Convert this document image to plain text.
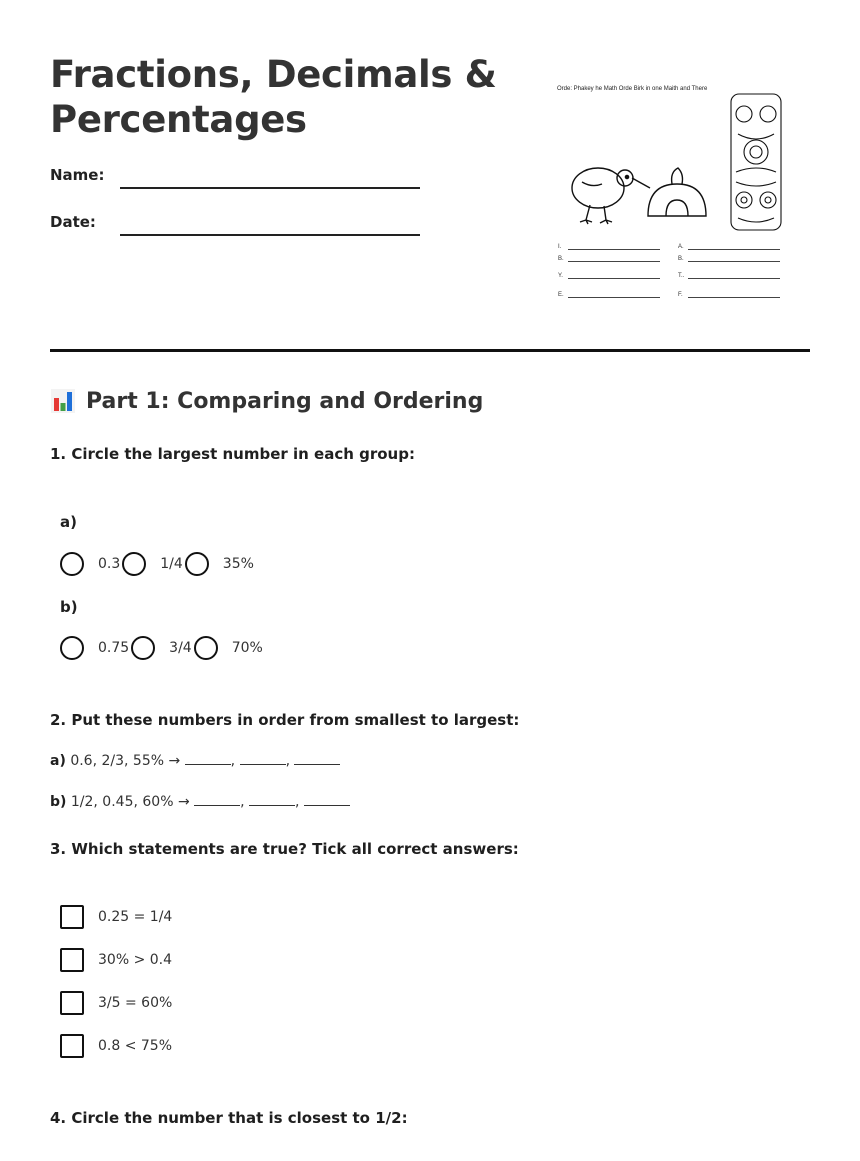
Fractions, Decimals &
Percentages
Name:
Date:
Orde: Phakey he Math Orde Birk in one Maith and There
I.	A.
B.	B.
Y.	T..
E.	F.
Part 1: Comparing and Ordering
1. Circle the largest number in each group:
a)
0.3	1/4	35%
b)
0.75	3/4	70%
2. Put these numbers in order from smallest to largest:
a) 0.6, 2/3, 55% →	,	,
b) 1/2, 0.45, 60% →	,	,
3. Which statements are true? Tick all correct answers:
0.25 = 1/4
30% > 0.4
3/5 = 60%
0.8 < 75%
4. Circle the number that is closest to 1/2:
